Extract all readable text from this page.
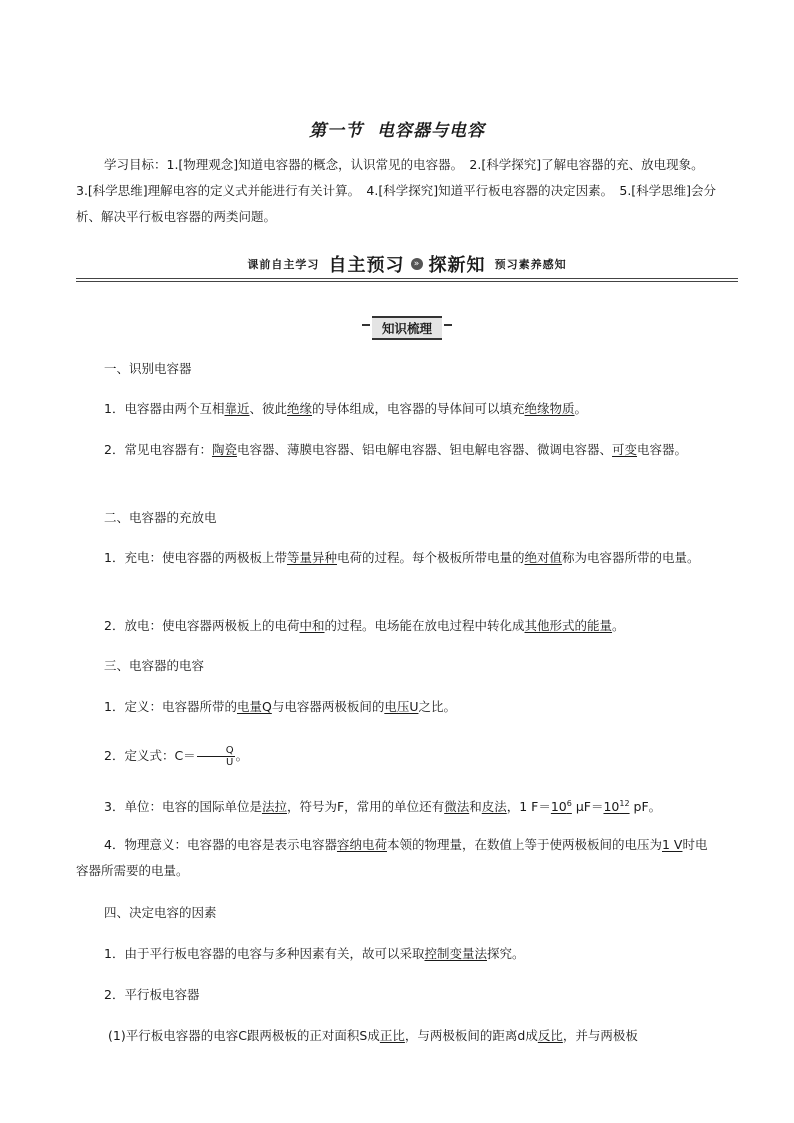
第一节 电容器与电容
学习目标：1.[物理观念]知道电容器的概念，认识常见的电容器。　2.[科学探究]了解电容器的充、放电现象。　3.[科学思维]理解电容的定义式并能进行有关计算。　4.[科学探究]知道平行板电容器的决定因素。　5.[科学思维]会分析、解决平行板电容器的两类问题。
课前自主学习 自主预习 » 探新知 预习素养感知
知识梳理
一、识别电容器
1．电容器由两个互相靠近、彼此绝缘的导体组成，电容器的导体间可以填充绝缘物质。
2．常见电容器有：陶瓷电容器、薄膜电容器、铝电解电容器、钽电解电容器、微调电容器、可变电容器。
二、电容器的充放电
1．充电：使电容器的两极板上带等量异种电荷的过程。每个极板所带电量的绝对值称为电容器所带的电量。
2．放电：使电容器两极板上的电荷中和的过程。电场能在放电过程中转化成其他形式的能量。
三、电容器的电容
1．定义：电容器所带的电量Q与电容器两极板间的电压U之比。
2．定义式：$C= \frac{Q}{U}$ 。
3．单位：电容的国际单位是法拉，符号为F，常用的单位还有微法和皮法，1 $F=10^6$ $\mu F=10^{12}$ pF。
4．物理意义：电容器的电容是表示电容器容纳电荷本领的物理量，在数值上等于使两极板间的电压为1 V时电容器所需要的电量。
四、决定电容的因素
1．由于平行板电容器的电容与多种因素有关，故可以采取控制变量法探究。
2．平行板电容器
(1)平行板电容器的电容C跟两极板的正对面积S成正比，与两极板间的距离d成反比，并与两极板
